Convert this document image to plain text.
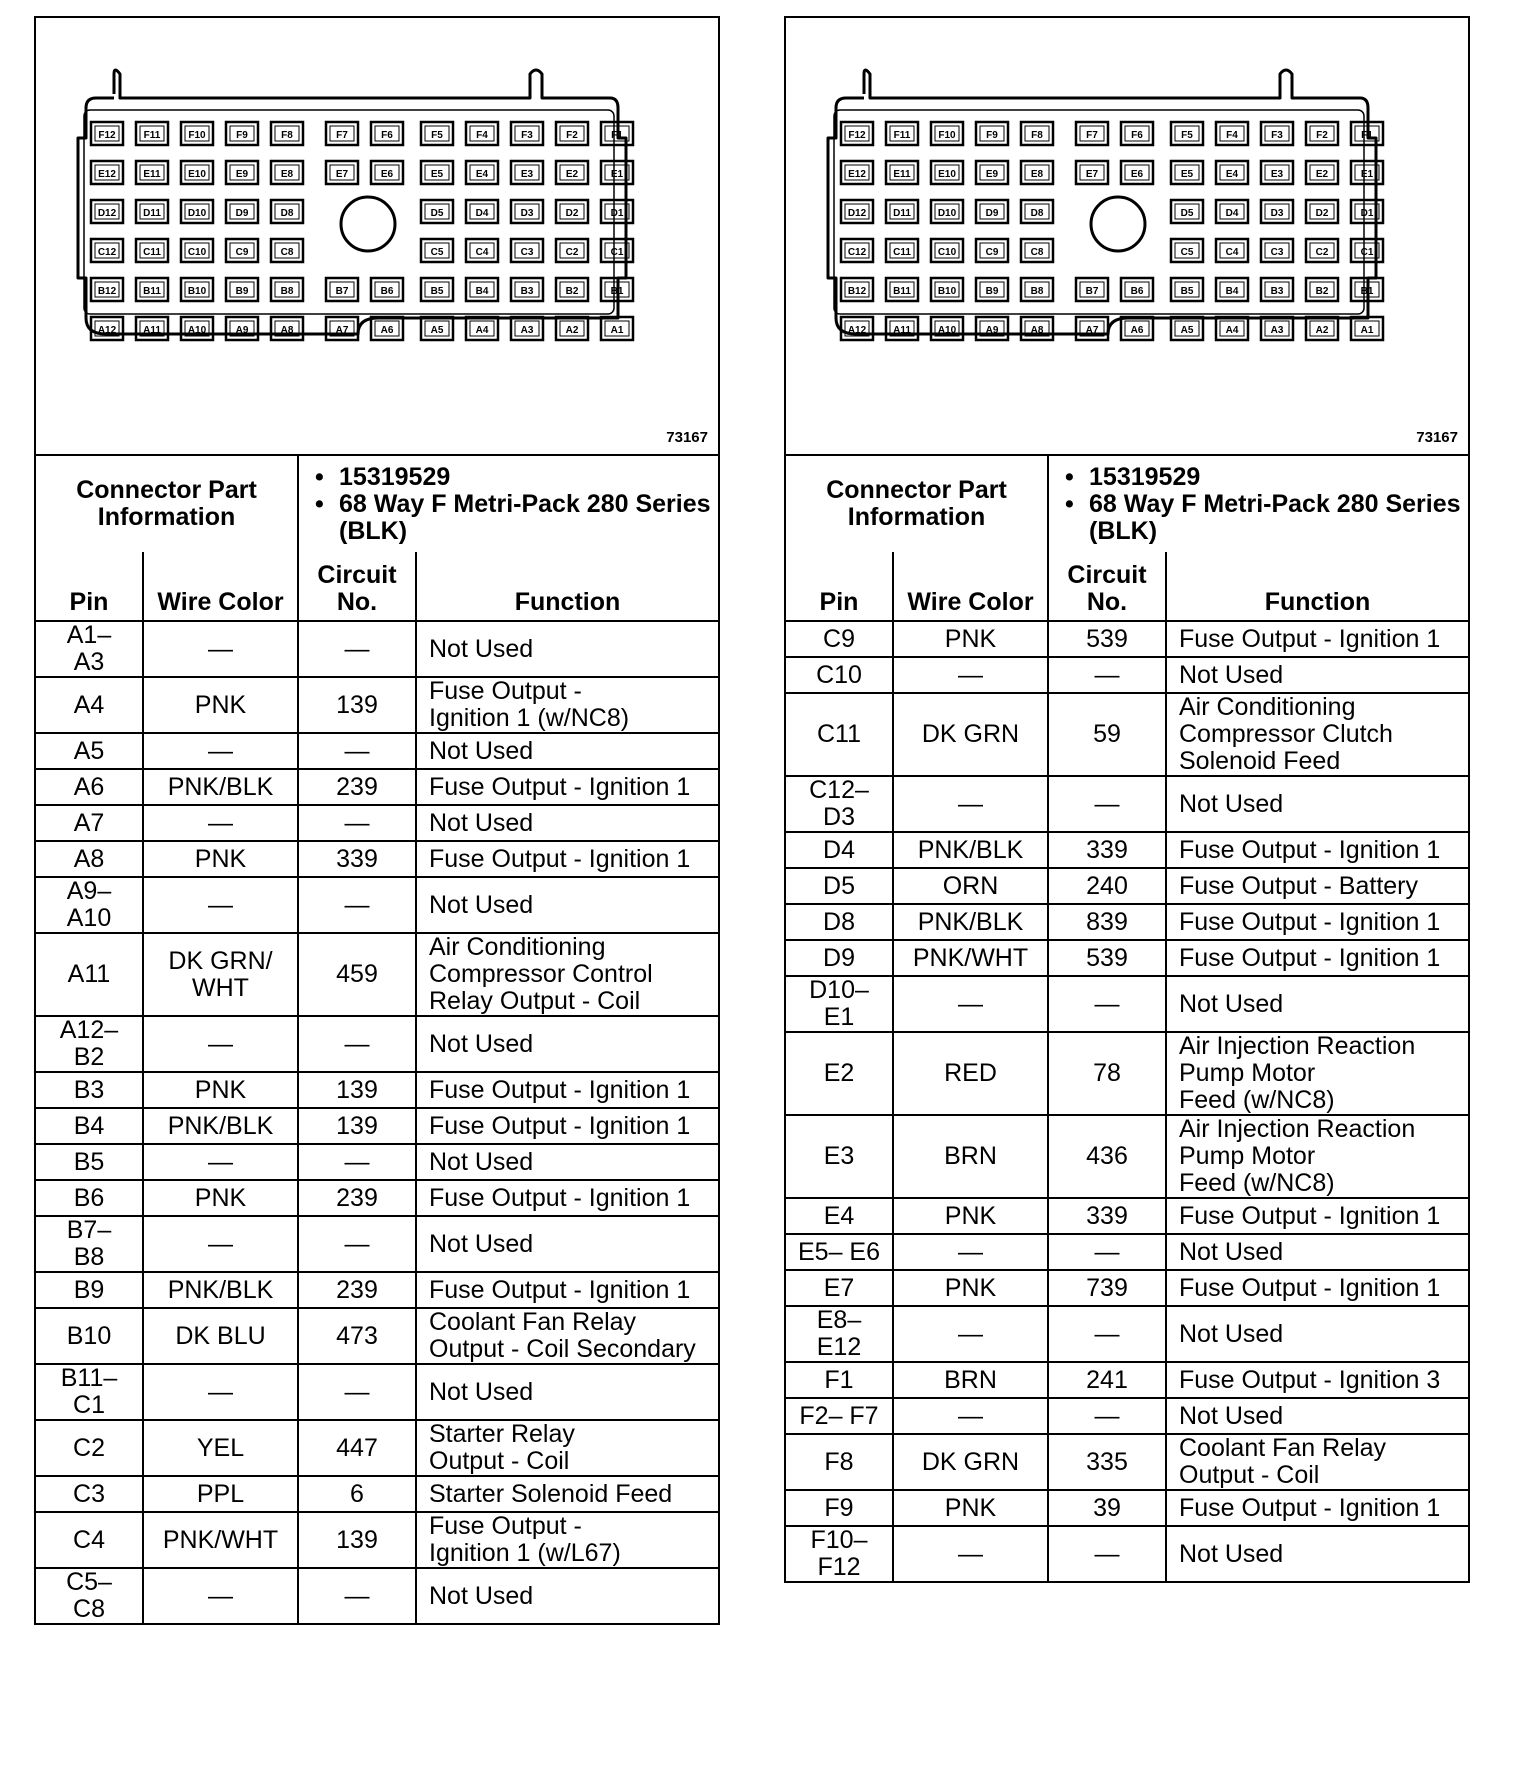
F12	F11	F10	F9	F8	F7	F6	F5	F4	F3	F2	F1
E12	E11	E10	E9	E8	E7	E6	E5	E4	E3	E2	E1
D12	D11	D10	D9	D8	D5	D4	D3	D2	D1
C12	C11	C10	C9	C8	C5	C4	C3	C2	C1
B12	B11	B10	B9	B8	B7	B6	B5	B4	B3	B2	B1
A12	A11	A10	A9	A8	A7	A6	A5	A4	A3	A2	A1
73167
Connector Part Information	
• 15319529
• 68 Way F Metri-Pack 280 Series (BLK)
Pin	Wire Color	Circuit No.	Function

A1–
A3	—	—	Not Used

A4	PNK	139	Fuse Output -
Ignition 1 (w/NC8)

A5	—	—	Not Used

A6	PNK/BLK	239	Fuse Output - Ignition 1

A7	—	—	Not Used

A8	PNK	339	Fuse Output - Ignition 1

A9–
A10	—	—	Not Used

A11	DK GRN/
WHT	459	Air Conditioning
Compressor Control
Relay Output - Coil

A12–
B2	—	—	Not Used

B3	PNK	139	Fuse Output - Ignition 1

B4	PNK/BLK	139	Fuse Output - Ignition 1

B5	—	—	Not Used

B6	PNK	239	Fuse Output - Ignition 1

B7–
B8	—	—	Not Used

B9	PNK/BLK	239	Fuse Output - Ignition 1

B10	DK BLU	473	Coolant Fan Relay
Output - Coil Secondary

B11–
C1	—	—	Not Used

C2	YEL	447	Starter Relay
Output - Coil

C3	PPL	6	Starter Solenoid Feed

C4	PNK/WHT	139	Fuse Output -
Ignition 1 (w/L67)

C5–
C8	—	—	Not Used
F12	F11	F10	F9	F8	F7	F6	F5	F4	F3	F2	F1
E12	E11	E10	E9	E8	E7	E6	E5	E4	E3	E2	E1
D12	D11	D10	D9	D8	D5	D4	D3	D2	D1
C12	C11	C10	C9	C8	C5	C4	C3	C2	C1
B12	B11	B10	B9	B8	B7	B6	B5	B4	B3	B2	B1
A12	A11	A10	A9	A8	A7	A6	A5	A4	A3	A2	A1
73167
Connector Part Information	
• 15319529
• 68 Way F Metri-Pack 280 Series (BLK)
Pin	Wire Color	Circuit No.	Function

C9	PNK	539	Fuse Output - Ignition 1

C10	—	—	Not Used

C11	DK GRN	59	Air Conditioning
Compressor Clutch
Solenoid Feed

C12–
D3	—	—	Not Used

D4	PNK/BLK	339	Fuse Output - Ignition 1

D5	ORN	240	Fuse Output - Battery

D8	PNK/BLK	839	Fuse Output - Ignition 1

D9	PNK/WHT	539	Fuse Output - Ignition 1

D10–
E1	—	—	Not Used

E2	RED	78	Air Injection Reaction
Pump Motor
Feed (w/NC8)

E3	BRN	436	Air Injection Reaction
Pump Motor
Feed (w/NC8)

E4	PNK	339	Fuse Output - Ignition 1

E5– E6	—	—	Not Used

E7	PNK	739	Fuse Output - Ignition 1

E8–
E12	—	—	Not Used

F1	BRN	241	Fuse Output - Ignition 3

F2– F7	—	—	Not Used

F8	DK GRN	335	Coolant Fan Relay
Output - Coil

F9	PNK	39	Fuse Output - Ignition 1

F10–
F12	—	—	Not Used
